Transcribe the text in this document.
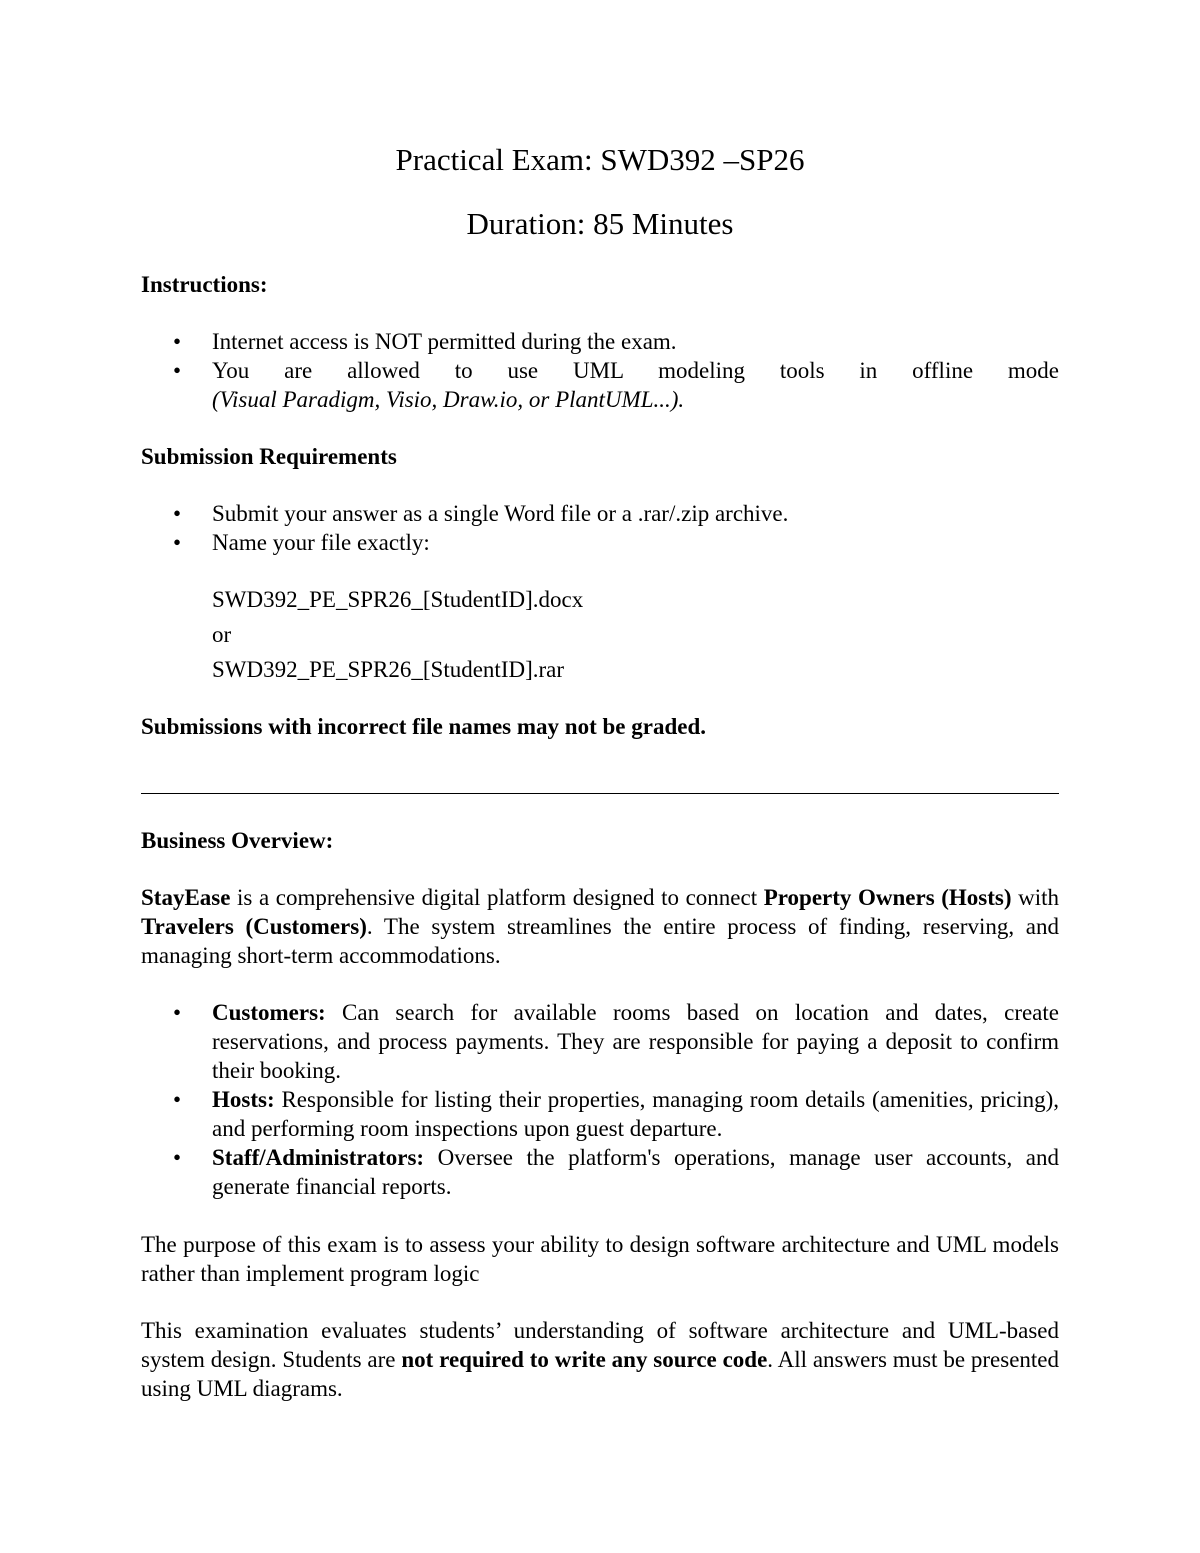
Practical Exam: SWD392 –SP26
Duration: 85 Minutes

Instructions:

• Internet access is NOT permitted during the exam.
• You are allowed to use UML modeling tools in offline mode
(Visual Paradigm, Visio, Draw.io, or PlantUML...).

Submission Requirements

• Submit your answer as a single Word file or a .rar/.zip archive.
• Name your file exactly:
SWD392_PE_SPR26_[StudentID].docx
or
SWD392_PE_SPR26_[StudentID].rar

Submissions with incorrect file names may not be graded.

Business Overview:

StayEase is a comprehensive digital platform designed to connect Property Owners (Hosts) with Travelers (Customers). The system streamlines the entire process of finding, reserving, and managing short-term accommodations.
• Customers: Can search for available rooms based on location and dates, create reservations, and process payments. They are responsible for paying a deposit to confirm their booking.
• Hosts: Responsible for listing their properties, managing room details (amenities, pricing), and performing room inspections upon guest departure.
• Staff/Administrators: Oversee the platform's operations, manage user accounts, and generate financial reports.
The purpose of this exam is to assess your ability to design software architecture and UML models rather than implement program logic
This examination evaluates students’ understanding of software architecture and UML-based system design. Students are not required to write any source code. All answers must be presented using UML diagrams.
